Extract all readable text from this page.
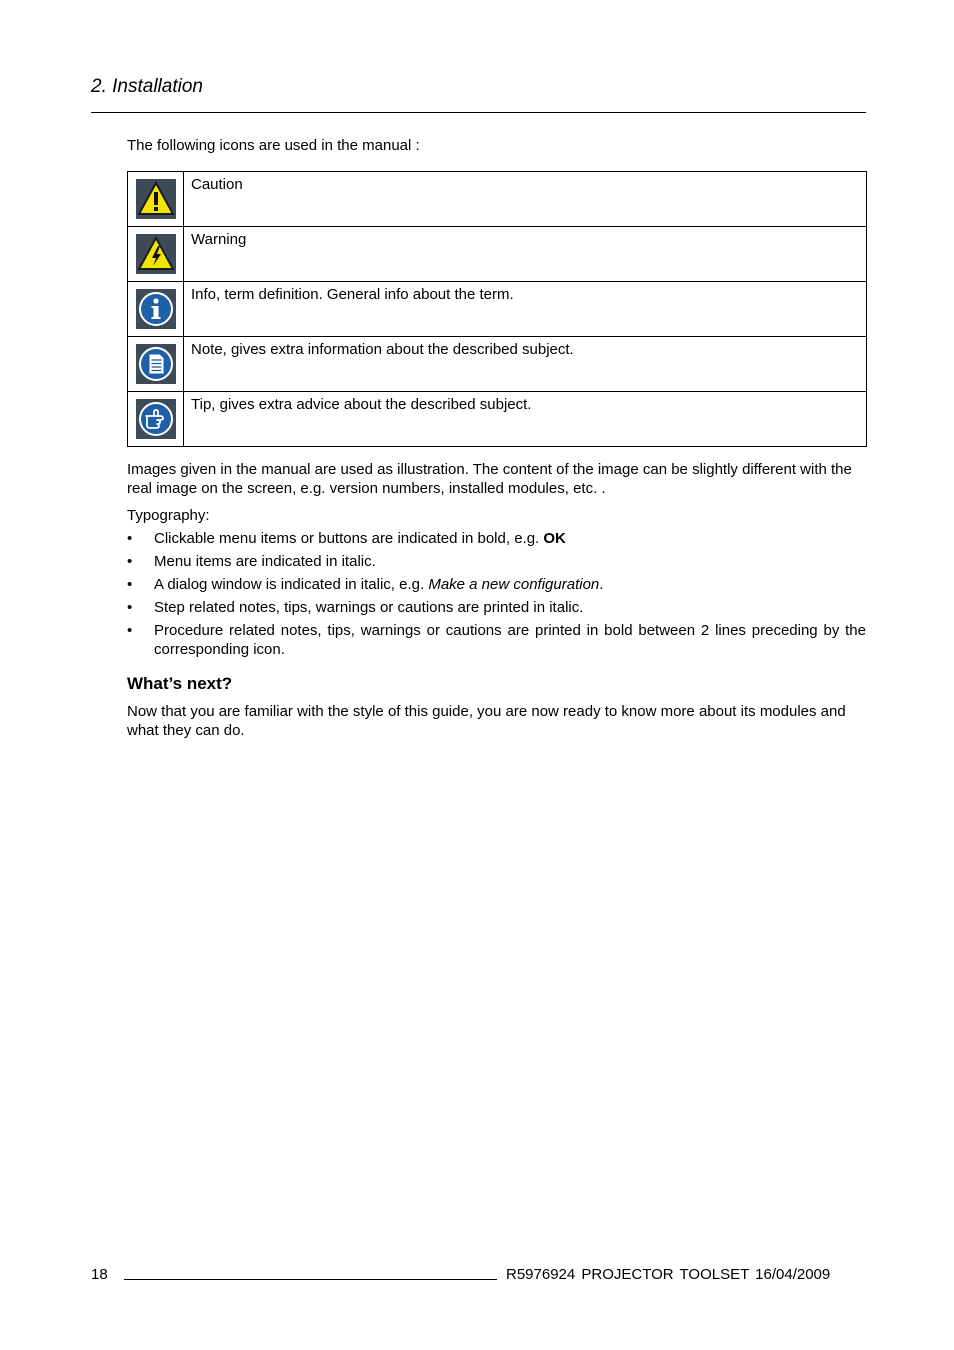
2. Installation
The following icons are used in the manual :
	Caution

	Warning

	Info, term definition. General info about the term.

	Note, gives extra information about the described subject.

	Tip, gives extra advice about the described subject.
Images given in the manual are used as illustration. The content of the image can be slightly different with the real image on the screen, e.g. version numbers, installed modules, etc. .
Typography:
• Clickable menu items or buttons are indicated in bold, e.g. OK
• Menu items are indicated in italic.
• A dialog window is indicated in italic, e.g. Make a new configuration.
• Step related notes, tips, warnings or cautions are printed in italic.
• Procedure related notes, tips, warnings or cautions are printed in bold between 2 lines preceding by the corresponding icon.
What’s next?
Now that you are familiar with the style of this guide, you are now ready to know more about its modules and what they can do.
18	R5976924 PROJECTOR TOOLSET 16/04/2009
